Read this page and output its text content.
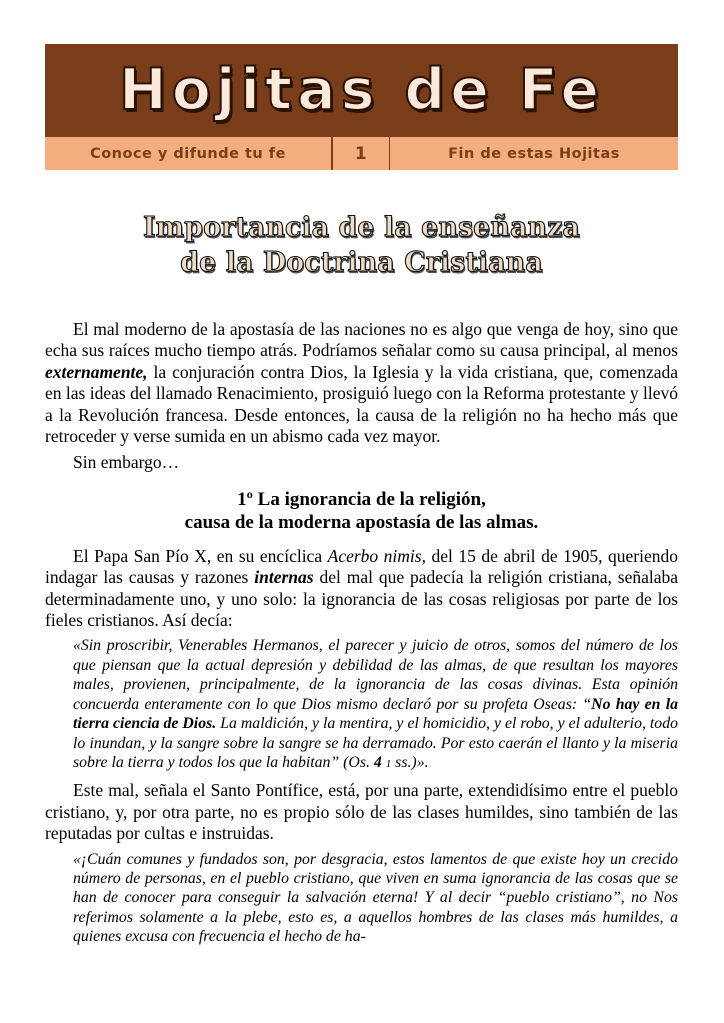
Hojitas de Fe
Conoce y difunde tu fe	1	Fin de estas Hojitas
Importancia de la enseñanza
de la Doctrina Cristiana

El mal moderno de la apostasía de las naciones no es algo que venga de hoy, sino que echa sus raíces mucho tiempo atrás. Podríamos señalar como su causa principal, al menos externamente, la conjuración contra Dios, la Iglesia y la vida cristiana, que, comenzada en las ideas del llamado Renacimiento, prosiguió luego con la Reforma protestante y llevó a la Revolución francesa. Desde entonces, la causa de la religión no ha hecho más que retroceder y verse sumida en un abismo cada vez mayor.

Sin embargo…

1º La ignorancia de la religión,
causa de la moderna apostasía de las almas.

El Papa San Pío X, en su encíclica Acerbo nimis, del 15 de abril de 1905, queriendo indagar las causas y razones internas del mal que padecía la religión cristiana, señalaba determinadamente uno, y uno solo: la ignorancia de las cosas religiosas por parte de los fieles cristianos. Así decía:

«Sin proscribir, Venerables Hermanos, el parecer y juicio de otros, somos del número de los que piensan que la actual depresión y debilidad de las almas, de que resultan los mayores males, provienen, principalmente, de la ignorancia de las cosas divinas. Esta opinión concuerda enteramente con lo que Dios mismo declaró por su profeta Oseas: “No hay en la tierra ciencia de Dios. La maldición, y la mentira, y el homicidio, y el robo, y el adulterio, todo lo inundan, y la sangre sobre la sangre se ha derramado. Por esto caerán el llanto y la miseria sobre la tierra y todos los que la habitan” (Os. 4 1 ss.)».

Este mal, señala el Santo Pontífice, está, por una parte, extendidísimo entre el pueblo cristiano, y, por otra parte, no es propio sólo de las clases humildes, sino también de las reputadas por cultas e instruidas.

«¡Cuán comunes y fundados son, por desgracia, estos lamentos de que existe hoy un crecido número de personas, en el pueblo cristiano, que viven en suma ignorancia de las cosas que se han de conocer para conseguir la salvación eterna! Y al decir “pueblo cristiano”, no Nos referimos solamente a la plebe, esto es, a aquellos hombres de las clases más humildes, a quienes excusa con frecuencia el hecho de ha-
